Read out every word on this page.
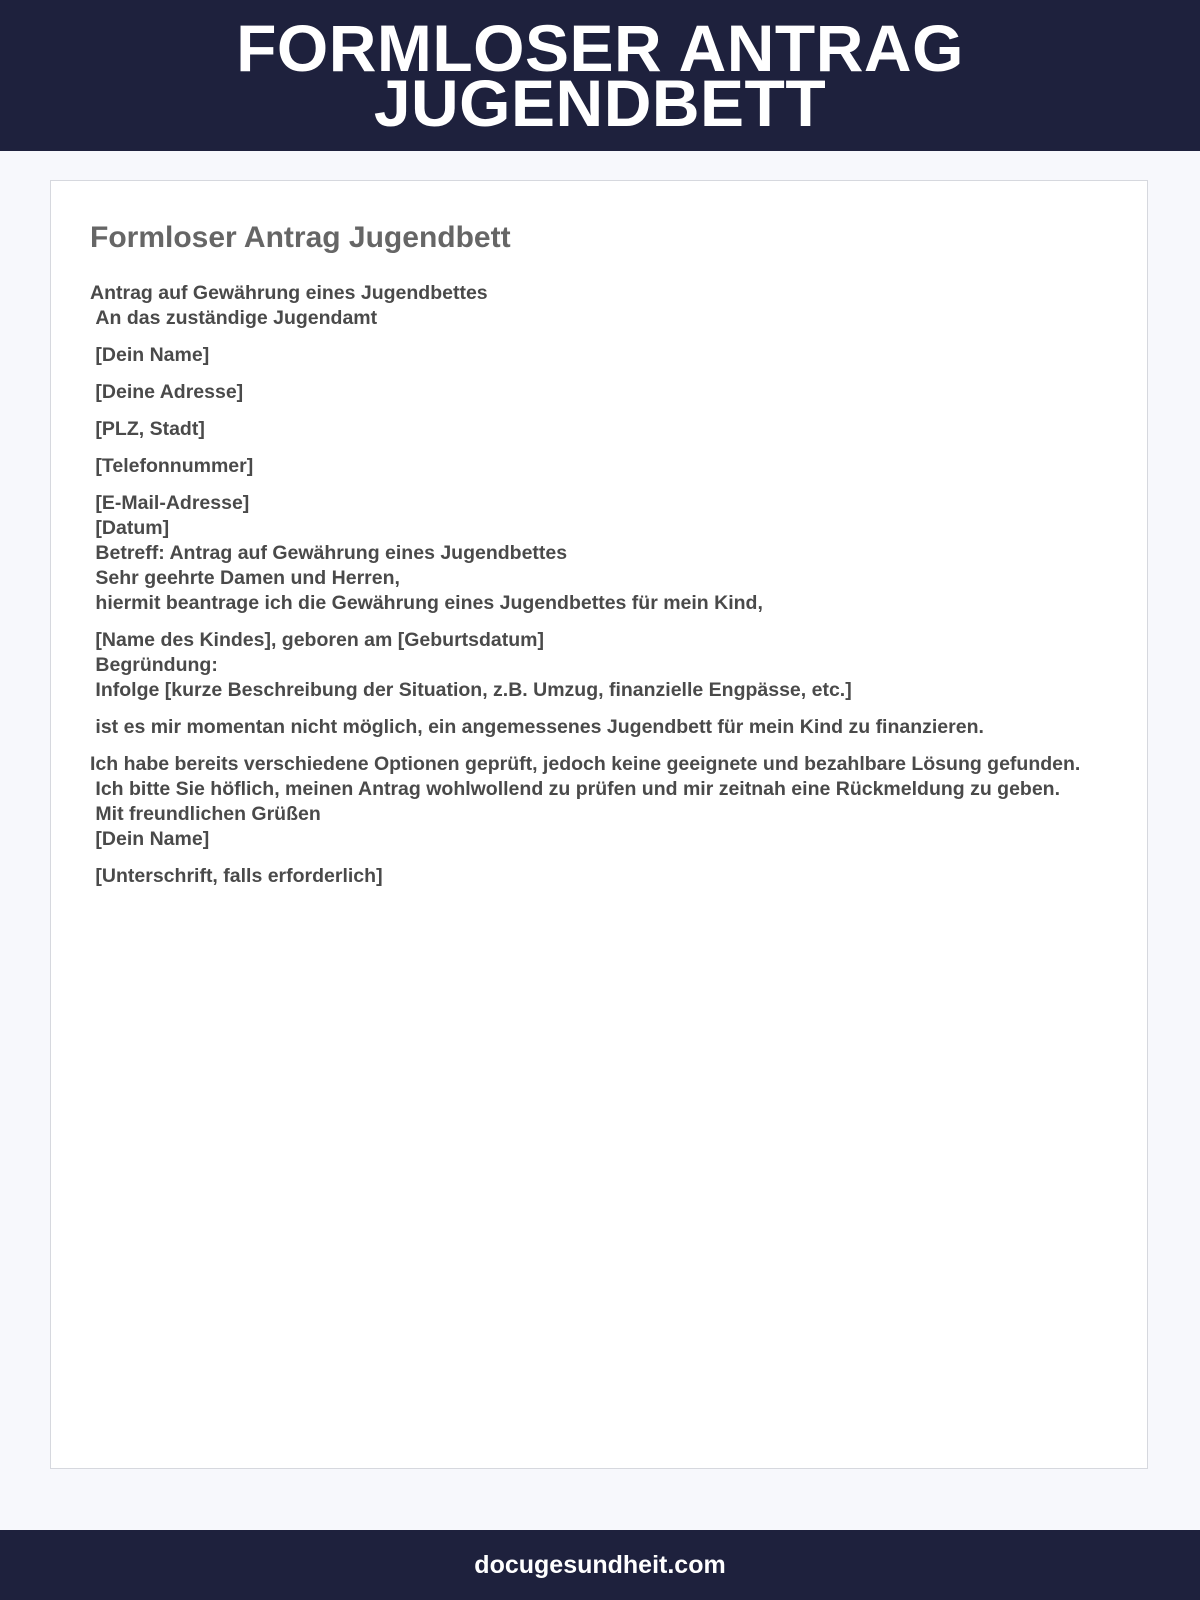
FORMLOSER ANTRAG JUGENDBETT
Formloser Antrag Jugendbett
Antrag auf Gewährung eines Jugendbettes
An das zuständige Jugendamt
[Dein Name]
[Deine Adresse]
[PLZ, Stadt]
[Telefonnummer]
[E-Mail-Adresse]
[Datum]
Betreff: Antrag auf Gewährung eines Jugendbettes
Sehr geehrte Damen und Herren,
hiermit beantrage ich die Gewährung eines Jugendbettes für mein Kind,
[Name des Kindes], geboren am [Geburtsdatum]
Begründung:
Infolge [kurze Beschreibung der Situation, z.B. Umzug, finanzielle Engpässe, etc.]
ist es mir momentan nicht möglich, ein angemessenes Jugendbett für mein Kind zu finanzieren.
Ich habe bereits verschiedene Optionen geprüft, jedoch keine geeignete und bezahlbare Lösung gefunden.
Ich bitte Sie höflich, meinen Antrag wohlwollend zu prüfen und mir zeitnah eine Rückmeldung zu geben.
Mit freundlichen Grüßen
[Dein Name]
[Unterschrift, falls erforderlich]
docugesundheit.com
